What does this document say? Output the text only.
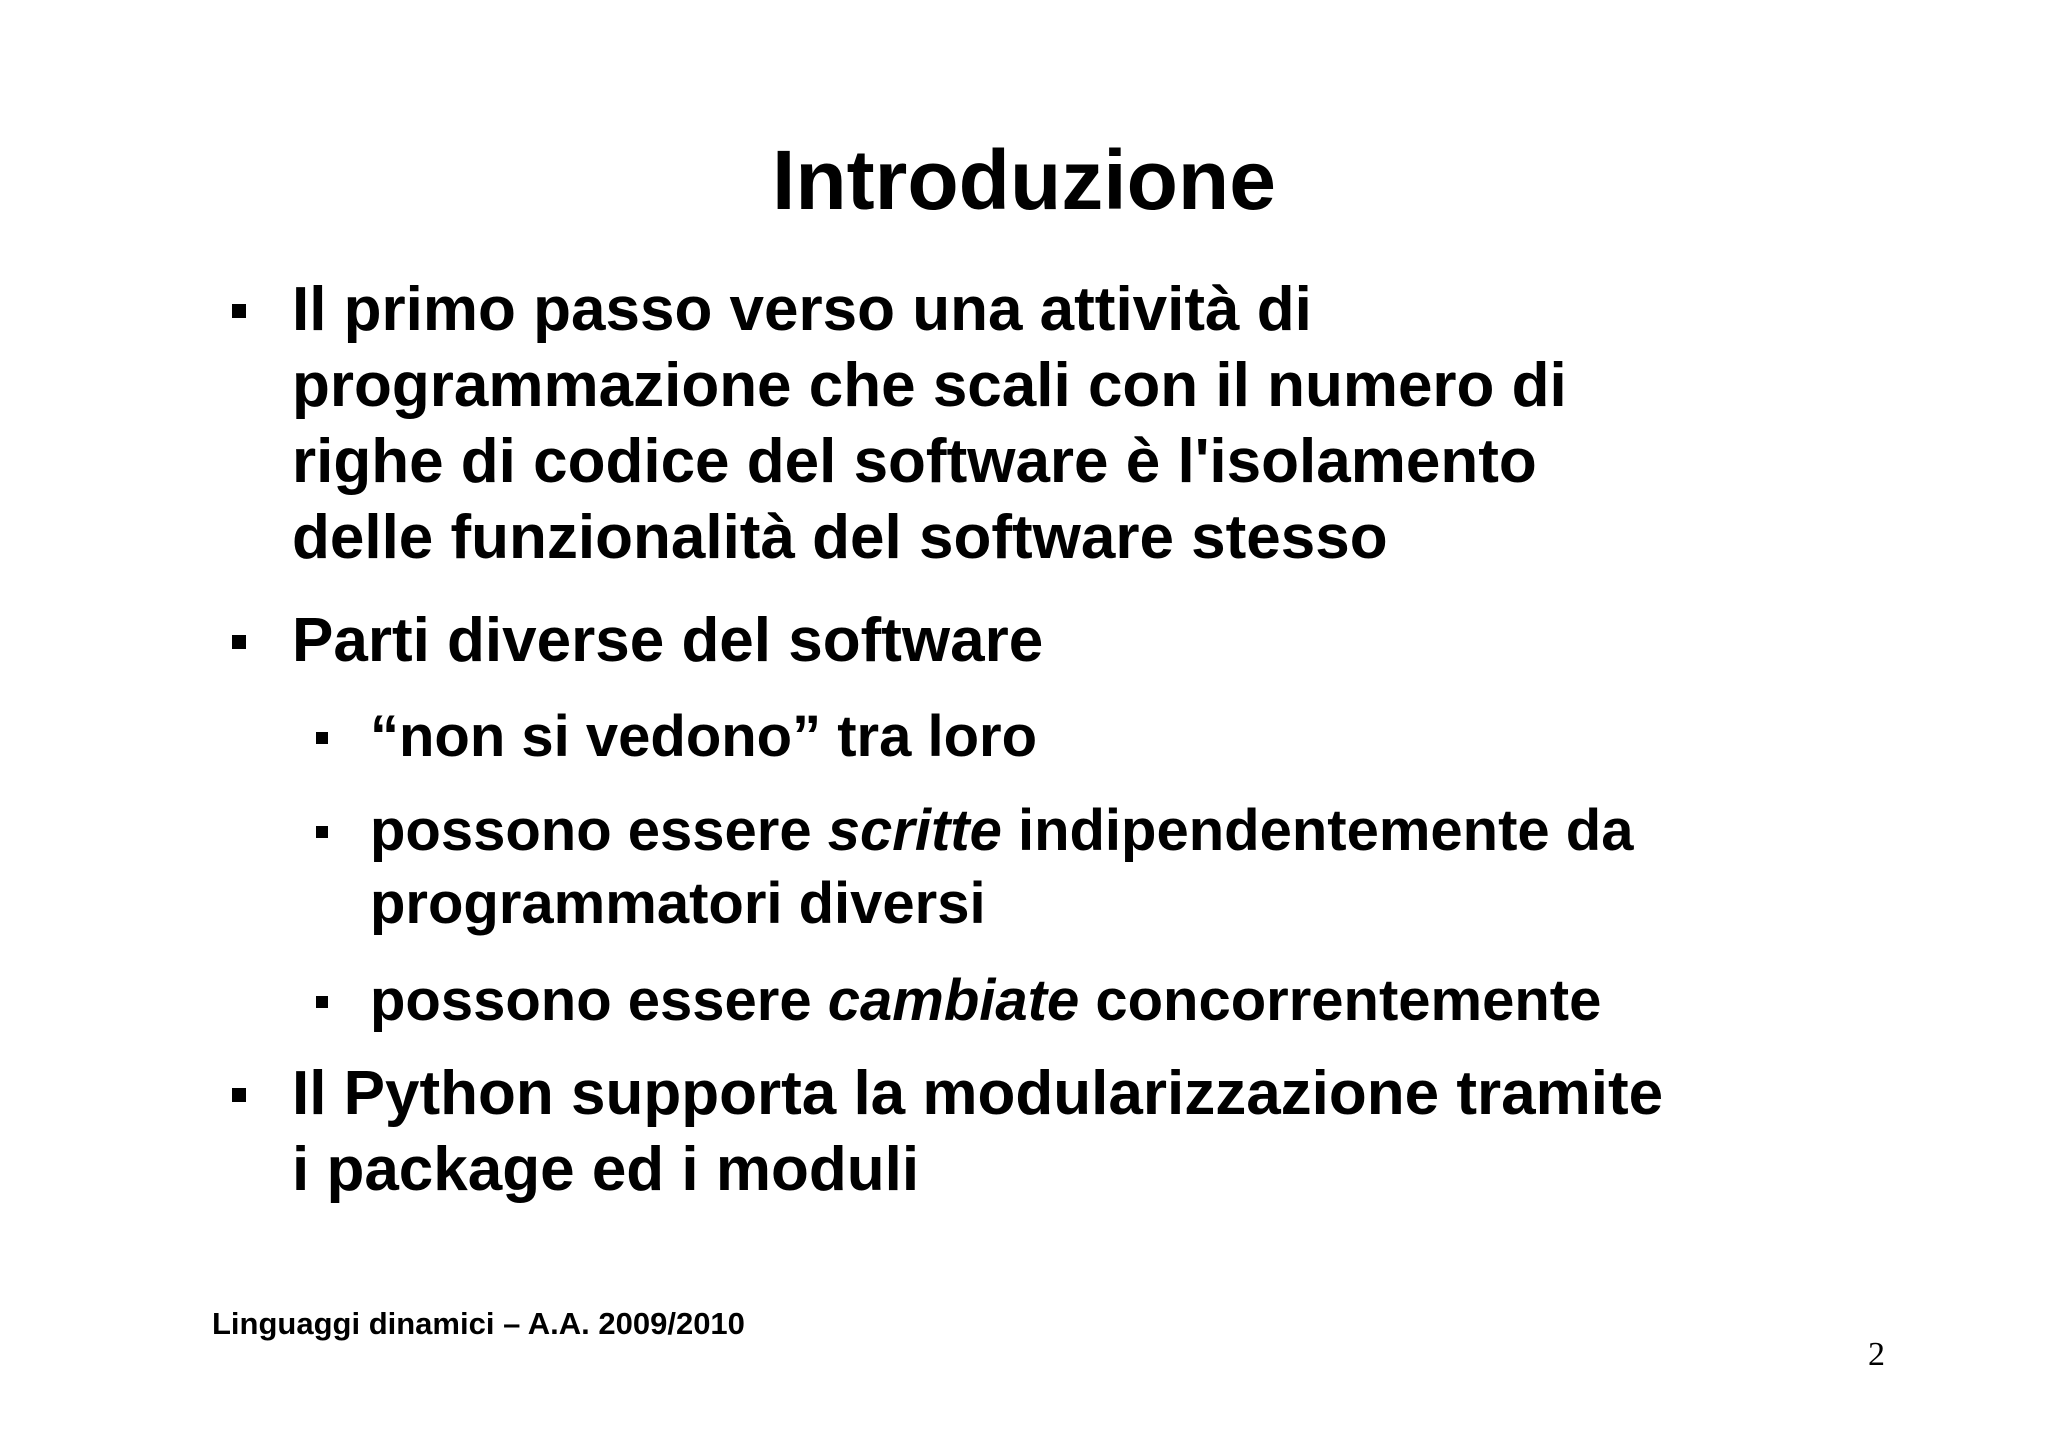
Introduzione
Il primo passo verso una attività di
programmazione che scali con il numero di
righe di codice del software è l'isolamento
delle funzionalità del software stesso
Parti diverse del software
“non si vedono” tra loro
possono essere scritte indipendentemente da
programmatori diversi
possono essere cambiate concorrentemente
Il Python supporta la modularizzazione tramite
i package ed i moduli
Linguaggi dinamici – A.A. 2009/2010
2
